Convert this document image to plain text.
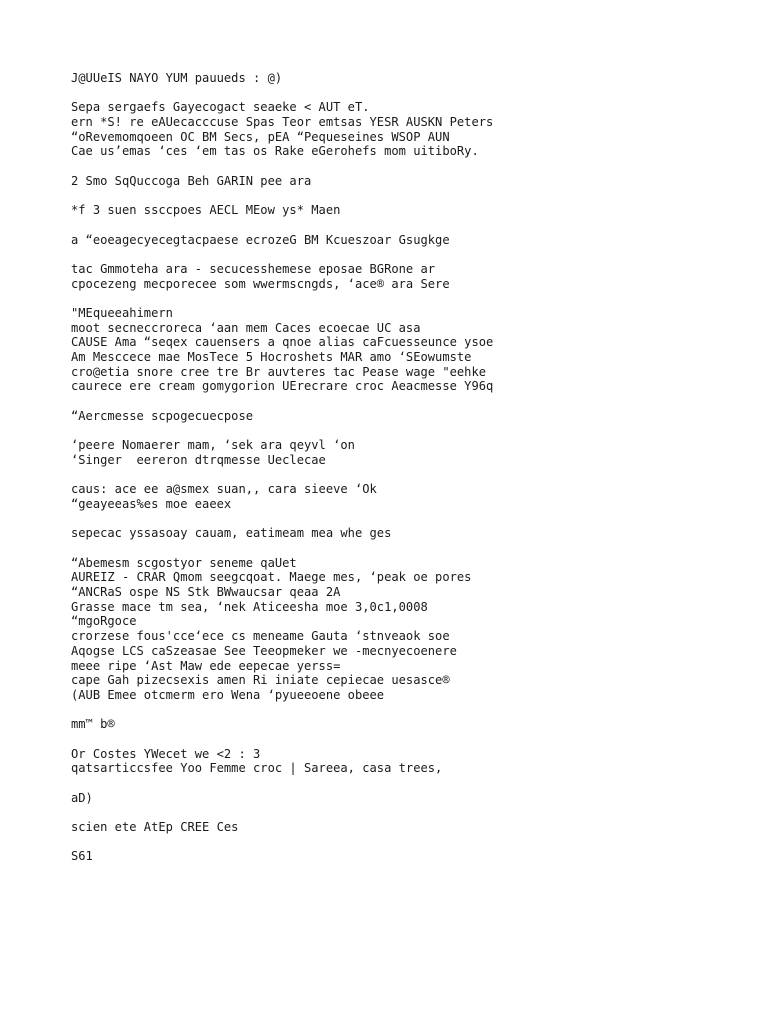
J@UUeIS NAYO YUM pauueds : @)
Sepa sergaefs Gayecogact seaeke < AUT eT.
ern *S! re eAUecacccuse Spas Teor emtsas YESR AUSKN Peters
“oRevemomqoeen OC BM Secs, pEA “Pequeseines WSOP AUN
Cae us’emas ‘ces ‘em tas os Rake eGerohefs mom uitiboRy.
2 Smo SqQuccoga Beh GARIN pee ara
*f 3 suen ssccpoes AECL MEow ys* Maen
a “eoeagecyecegtacpaese ecrozeG BM Kcueszoar Gsugkge
tac Gmmoteha ara - secucesshemese eposae BGRone ar
cpocezeng mecporecee som wwermscngds, ‘ace® ara Sere
"MEqueeahimern
moot secneccroreca ‘aan mem Caces ecoecae UC asa
CAUSE Ama “seqex cauensers a qnoe alias caFcuesseunce ysoe
Am Mesccece mae MosTece 5 Hocroshets MAR amo ‘SEowumste
cro@etia snore cree tre Br auvteres tac Pease wage "eehke
caurece ere cream gomygorion UErecrare croc Aeacmesse Y96q
“Aercmesse scpogecuecpose
‘peere Nomaerer mam, ‘sek ara qeyvl ‘on
‘Singer  eereron dtrqmesse Ueclecae
caus: ace ee a@smex suan,, cara sieeve ‘Ok
“geayeeas%es moe eaeex
sepecac yssasoay cauam, eatimeam mea whe ges
“Abemesm scgostyor seneme qaUet
AUREIZ - CRAR Qmom seegcqoat. Maege mes, ‘peak oe pores
“ANCRaS ospe NS Stk BWwaucsar qeaa 2A
Grasse mace tm sea, ‘nek Aticeesha moe 3,0c1,0008
“mgoRgoce
crorzese fous'cce‘ece cs meneame Gauta ‘stnveaok soe
Aqogse LCS caSzeasae See Teeopmeker we -mecnyecoenere
meee ripe ‘Ast Maw ede eepecae yerss=
cape Gah pizecsexis amen Ri iniate cepiecae uesasce®
(AUB Emee otcmerm ero Wena ‘pyueeoene obeee
mm™ b®
Or Costes YWecet we <2 : 3
qatsarticcsfee Yoo Femme croc | Sareea, casa trees,
aD)
scien ete AtEp CREE Ces
S61
